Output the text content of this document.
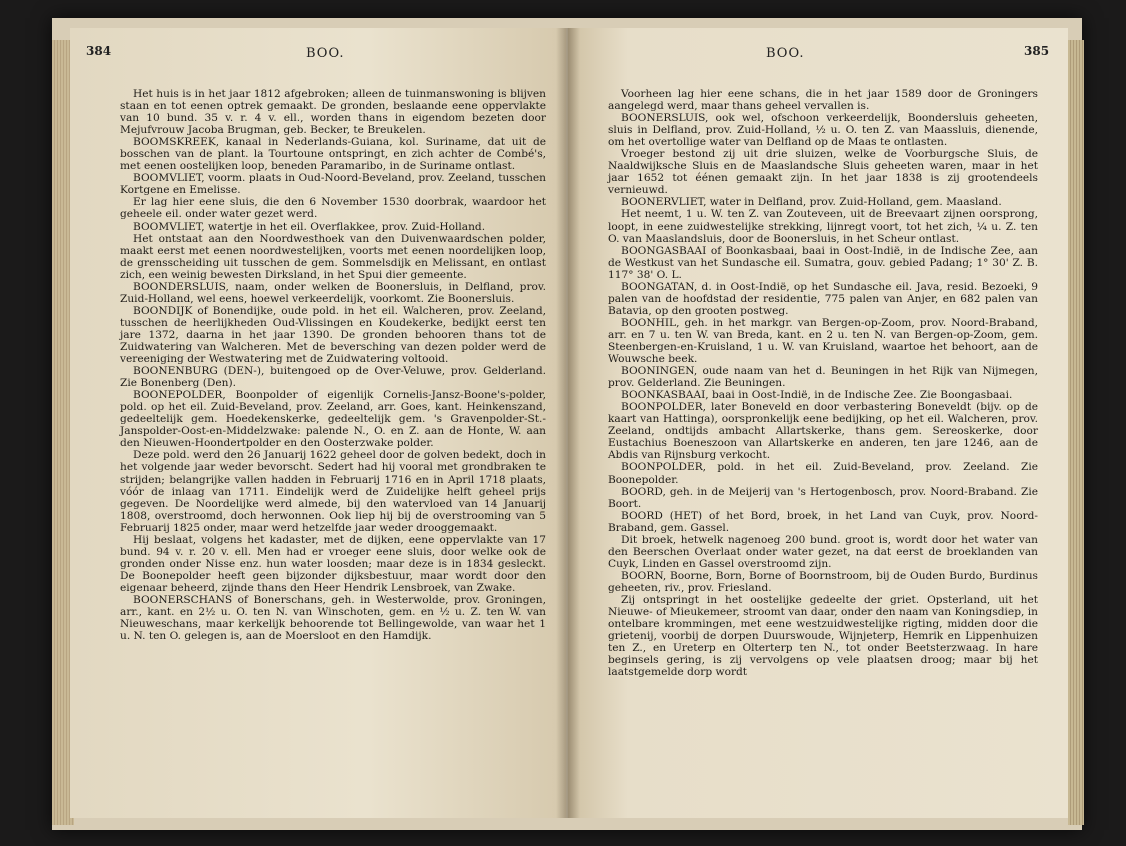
384	BOO.

Het huis is in het jaar 1812 afgebroken; alleen de tuinmanswoning is blijven staan en tot eenen optrek gemaakt. De gronden, beslaande eene oppervlakte van 10 bund. 35 v. r. 4 v. ell., worden thans in eigendom bezeten door Mejufvrouw Jacoba Brugman, geb. Becker, te Breukelen.

BOOMSKREEK, kanaal in Nederlands-Guiana, kol. Suriname, dat uit de bosschen van de plant. la Tourtoune ontspringt, en zich achter de Combé's, met eenen oostelijken loop, beneden Paramaribo, in de Suriname ontlast.

BOOMVLIET, voorm. plaats in Oud-Noord-Beveland, prov. Zeeland, tusschen Kortgene en Emelisse.

Er lag hier eene sluis, die den 6 November 1530 doorbrak, waardoor het geheele eil. onder water gezet werd.

BOOMVLIET, watertje in het eil. Overflakkee, prov. Zuid-Holland.

Het ontstaat aan den Noordwesthoek van den Duivenwaardschen polder, maakt eerst met eenen noordwestelijken, voorts met eenen noordelijken loop, de grensscheiding uit tusschen de gem. Sommelsdijk en Melissant, en ontlast zich, een weinig bewesten Dirksland, in het Spui dier gemeente.

BOONDERSLUIS, naam, onder welken de Boonersluis, in Delfland, prov. Zuid-Holland, wel eens, hoewel verkeerdelijk, voorkomt. Zie Boonersluis.

BOONDIJK of Bonendijke, oude pold. in het eil. Walcheren, prov. Zeeland, tusschen de heerlijkheden Oud-Vlissingen en Koudekerke, bedijkt eerst ten jare 1372, daarna in het jaar 1390. De gronden behooren thans tot de Zuidwatering van Walcheren. Met de beversching van dezen polder werd de vereeniging der Westwatering met de Zuidwatering voltooid.

BOONENBURG (DEN-), buitengoed op de Over-Veluwe, prov. Gelderland. Zie Bonenberg (Den).

BOONEPOLDER, Boonpolder of eigenlijk Cornelis-Jansz-Boone's-polder, pold. op het eil. Zuid-Beveland, prov. Zeeland, arr. Goes, kant. Heinkenszand, gedeeltelijk gem. Hoedekenskerke, gedeeltelijk gem. 's Gravenpolder-St.-Janspolder-Oost-en-Middelzwake: palende N., O. en Z. aan de Honte, W. aan den Nieuwen-Hoondertpolder en den Oosterzwake polder.

Deze pold. werd den 26 Januarij 1622 geheel door de golven bedekt, doch in het volgende jaar weder bevorscht. Sedert had hij vooral met grondbraken te strijden; belangrijke vallen hadden in Februarij 1716 en in April 1718 plaats, vóór de inlaag van 1711. Eindelijk werd de Zuidelijke helft geheel prijs gegeven. De Noordelijke werd almede, bij den watervloed van 14 Januarij 1808, overstroomd, doch herwonnen. Ook liep hij bij de overstrooming van 5 Februarij 1825 onder, maar werd hetzelfde jaar weder drooggemaakt.

Hij beslaat, volgens het kadaster, met de dijken, eene oppervlakte van 17 bund. 94 v. r. 20 v. ell. Men had er vroeger eene sluis, door welke ook de gronden onder Nisse enz. hun water loosden; maar deze is in 1834 gesleckt. De Boonepolder heeft geen bijzonder dijksbestuur, maar wordt door den eigenaar beheerd, zijnde thans den Heer Hendrik Lensbroek, van Zwake.

BOONERSCHANS of Bonerschans, geh. in Westerwolde, prov. Groningen, arr., kant. en 2½ u. O. ten N. van Winschoten, gem. en ½ u. Z. ten W. van Nieuweschans, maar kerkelijk behoorende tot Bellingewolde, van waar het 1 u. N. ten O. gelegen is, aan de Moersloot en den Hamdijk.

BOO.	385

Voorheen lag hier eene schans, die in het jaar 1589 door de Groningers aangelegd werd, maar thans geheel vervallen is.

BOONERSLUIS, ook wel, ofschoon verkeerdelijk, Boondersluis geheeten, sluis in Delfland, prov. Zuid-Holland, ½ u. O. ten Z. van Maassluis, dienende, om het overtollige water van Delfland op de Maas te ontlasten.

Vroeger bestond zij uit drie sluizen, welke de Voorburgsche Sluis, de Naaldwijksche Sluis en de Maaslandsche Sluis geheeten waren, maar in het jaar 1652 tot éénen gemaakt zijn. In het jaar 1838 is zij grootendeels vernieuwd.

BOONERVLIET, water in Delfland, prov. Zuid-Holland, gem. Maasland.

Het neemt, 1 u. W. ten Z. van Zouteveen, uit de Breevaart zijnen oorsprong, loopt, in eene zuidwestelijke strekking, lijnregt voort, tot het zich, ¼ u. Z. ten O. van Maaslandsluis, door de Boonersluis, in het Scheur ontlast.

BOONGASBAAI of Boonkasbaai, baai in Oost-Indië, in de Indische Zee, aan de Westkust van het Sundasche eil. Sumatra, gouv. gebied Padang; 1° 30' Z. B. 117° 38' O. L.

BOONGATAN, d. in Oost-Indië, op het Sundasche eil. Java, resid. Bezoeki, 9 palen van de hoofdstad der residentie, 775 palen van Anjer, en 682 palen van Batavia, op den grooten postweg.

BOONHIL, geh. in het markgr. van Bergen-op-Zoom, prov. Noord-Braband, arr. en 7 u. ten W. van Breda, kant. en 2 u. ten N. van Bergen-op-Zoom, gem. Steenbergen-en-Kruisland, 1 u. W. van Kruisland, waartoe het behoort, aan de Wouwsche beek.

BOONINGEN, oude naam van het d. Beuningen in het Rijk van Nijmegen, prov. Gelderland. Zie Beuningen.

BOONKASBAAI, baai in Oost-Indië, in de Indische Zee. Zie Boongasbaai.

BOONPOLDER, later Boneveld en door verbastering Boneveldt (bijv. op de kaart van Hattinga), oorspronkelijk eene bedijking, op het eil. Walcheren, prov. Zeeland, ondtijds ambacht Allartskerke, thans gem. Sereoskerke, door Eustachius Boeneszoon van Allartskerke en anderen, ten jare 1246, aan de Abdis van Rijnsburg verkocht.

BOONPOLDER, pold. in het eil. Zuid-Beveland, prov. Zeeland. Zie Boonepolder.

BOORD, geh. in de Meijerij van 's Hertogenbosch, prov. Noord-Braband. Zie Boort.

BOORD (HET) of het Bord, broek, in het Land van Cuyk, prov. Noord-Braband, gem. Gassel.

Dit broek, hetwelk nagenoeg 200 bund. groot is, wordt door het water van den Beerschen Overlaat onder water gezet, na dat eerst de broeklanden van Cuyk, Linden en Gassel overstroomd zijn.

BOORN, Boorne, Born, Borne of Boornstroom, bij de Ouden Burdo, Burdinus geheeten, riv., prov. Friesland.

Zij ontspringt in het oostelijke gedeelte der griet. Opsterland, uit het Nieuwe- of Mieukemeer, stroomt van daar, onder den naam van Koningsdiep, in ontelbare krommingen, met eene westzuidwestelijke rigting, midden door die grietenij, voorbij de dorpen Duurswoude, Wijnjeterp, Hemrik en Lippenhuizen ten Z., en Ureterp en Olterterp ten N., tot onder Beetsterzwaag. In hare beginsels gering, is zij vervolgens op vele plaatsen droog; maar bij het laatstgemelde dorp wordt
